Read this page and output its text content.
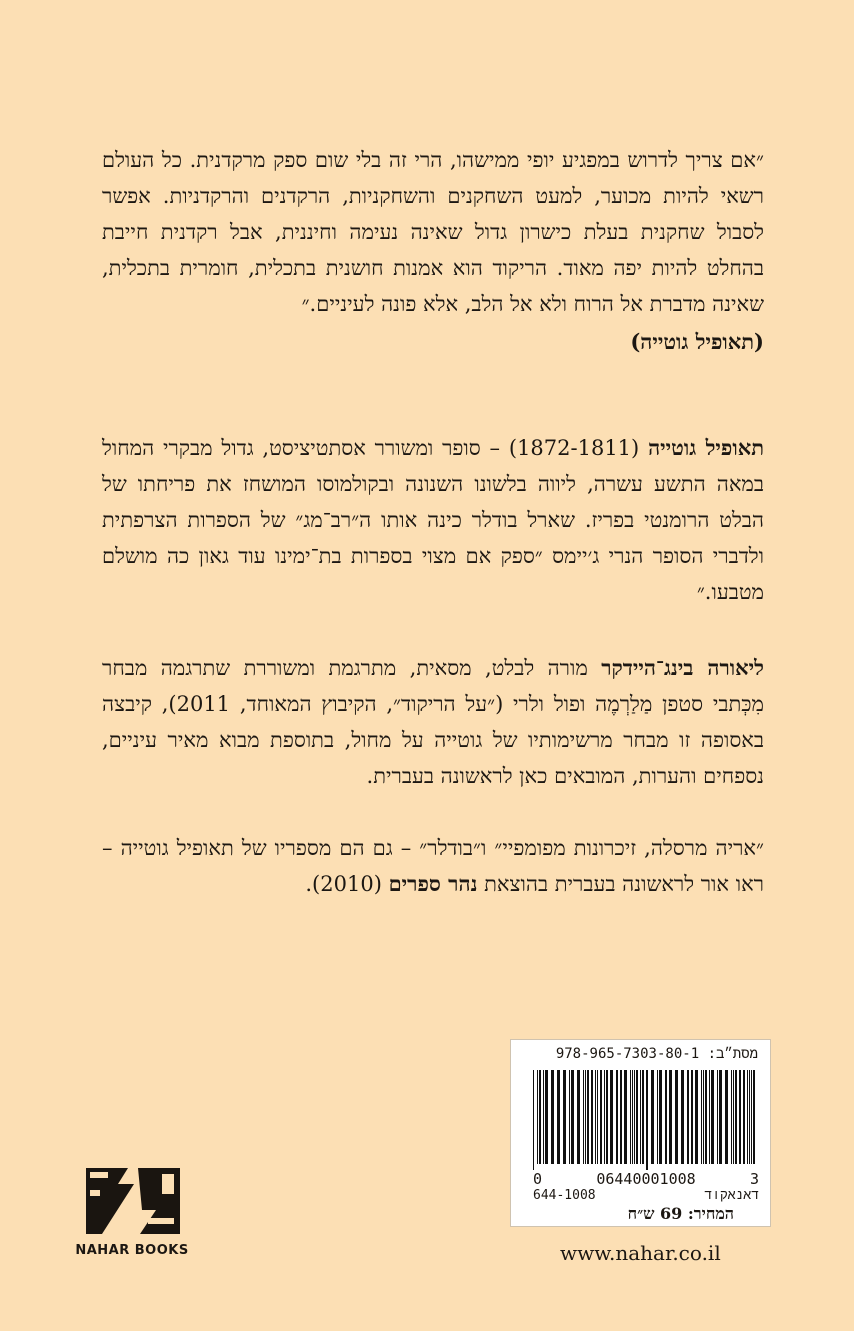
״אם צריך לדרוש במפגיע יופי ממישהו, הרי זה בלי שום ספק מרקדנית. כל העולם רשאי להיות מכוער, למעט השחקנים והשחקניות, הרקדנים והרקדניות. אפשר לסבול שחקנית בעלת כישרון גדול שאינה נעימה וחיננית, אבל רקדנית חייבת בהחלט להיות יפה מאוד. הריקוד הוא אמנות חושנית בתכלית, חומרית בתכלית, שאינה מדברת אל הרוח ולא אל הלב, אלא פונה לעיניים.״

(תאופיל גוטייה)

תאופיל גוטייה (1872-1811) – סופר ומשורר אסתטיציסט, גדול מבקרי המחול במאה התשע עשרה, ליווה בלשונו השנונה ובקולמוסו המושחז את פריחתו של הבלט הרומנטי בפריז. שארל בודלר כינה אותו ה״רב־מג״ של הספרות הצרפתית ולדברי הסופר הנרי ג׳יימס ״ספק אם מצוי בספרות בת־ימינו עוד גאון כה מושלם מטבעו.״

ליאורה בינג־היידקר מורה לבלט, מסאית, מתרגמת ומשוררת שתרגמה מבחר מִכְּתבי סטפן מַלַרְמֶה ופול ולרי (״על הריקוד״, הקיבוץ המאוחד, 2011), קיבצה באסופה זו מבחר מרשימותיו של גוטייה על מחול, בתוספת מבוא מאיר עיניים, נספחים והערות, המובאים כאן לראשונה בעברית.

״אריה מרסלה, זיכרונות מפומפיי״ ו״בודלר״ – גם הם מספריו של תאופיל גוטייה – ראו אור לראשונה בעברית בהוצאת נהר ספרים (2010).

מסת״ב: 978-965-7303-80-1
0	06440001008	3
644-1008	דאנאקוד
המחיר: 69 ש״ח
NAHAR BOOKS	www.nahar.co.il
